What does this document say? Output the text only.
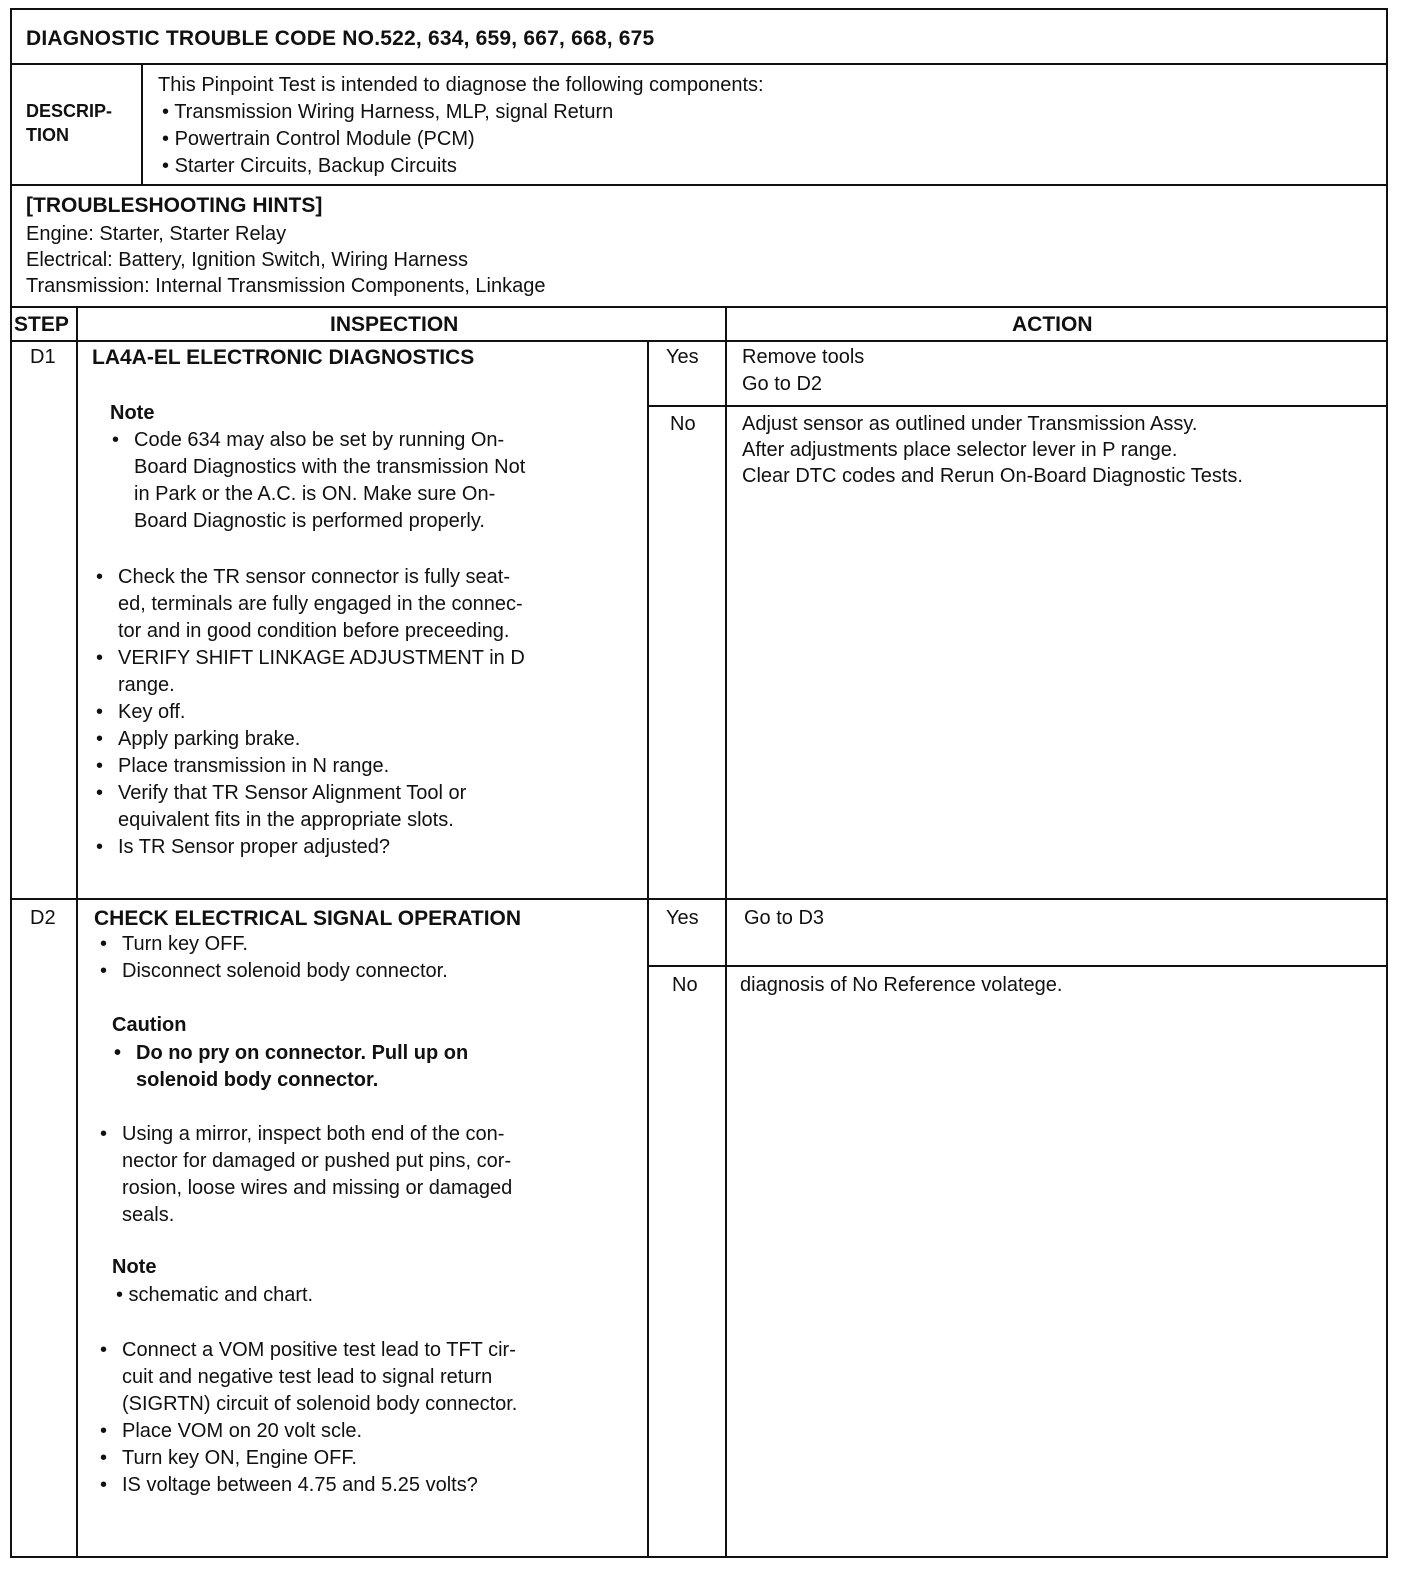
DIAGNOSTIC TROUBLE CODE NO.522, 634, 659, 667, 668, 675
DESCRIP-
TION
This Pinpoint Test is intended to diagnose the following components:
• Transmission Wiring Harness, MLP, signal Return
• Powertrain Control Module (PCM)
• Starter Circuits, Backup Circuits
[TROUBLESHOOTING HINTS]
Engine: Starter, Starter Relay
Electrical: Battery, Ignition Switch, Wiring Harness
Transmission: Internal Transmission Components, Linkage
STEP	INSPECTION	ACTION
D1 LA4A-EL ELECTRONIC DIAGNOSTICS
Note
• Code 634 may also be set by running On-
Board Diagnostics with the transmission Not
in Park or the A.C. is ON. Make sure On-
Board Diagnostic is performed properly.
• Check the TR sensor connector is fully seat-
ed, terminals are fully engaged in the connec-
tor and in good condition before preceeding.
• VERIFY SHIFT LINKAGE ADJUSTMENT in D
range.
• Key off.
• Apply parking brake.
• Place transmission in N range.
• Verify that TR Sensor Alignment Tool or
equivalent fits in the appropriate slots.
• Is TR Sensor proper adjusted?
Yes Remove tools
Go to D2
No Adjust sensor as outlined under Transmission Assy.
After adjustments place selector lever in P range.
Clear DTC codes and Rerun On-Board Diagnostic Tests.
D2 CHECK ELECTRICAL SIGNAL OPERATION
• Turn key OFF.
• Disconnect solenoid body connector.
Caution
• Do no pry on connector. Pull up on
solenoid body connector.
• Using a mirror, inspect both end of the con-
nector for damaged or pushed put pins, cor-
rosion, loose wires and missing or damaged
seals.
Note
• schematic and chart.
• Connect a VOM positive test lead to TFT cir-
cuit and negative test lead to signal return
(SIGRTN) circuit of solenoid body connector.
• Place VOM on 20 volt scle.
• Turn key ON, Engine OFF.
• IS voltage between 4.75 and 5.25 volts?
Yes Go to D3
No diagnosis of No Reference volatege.
